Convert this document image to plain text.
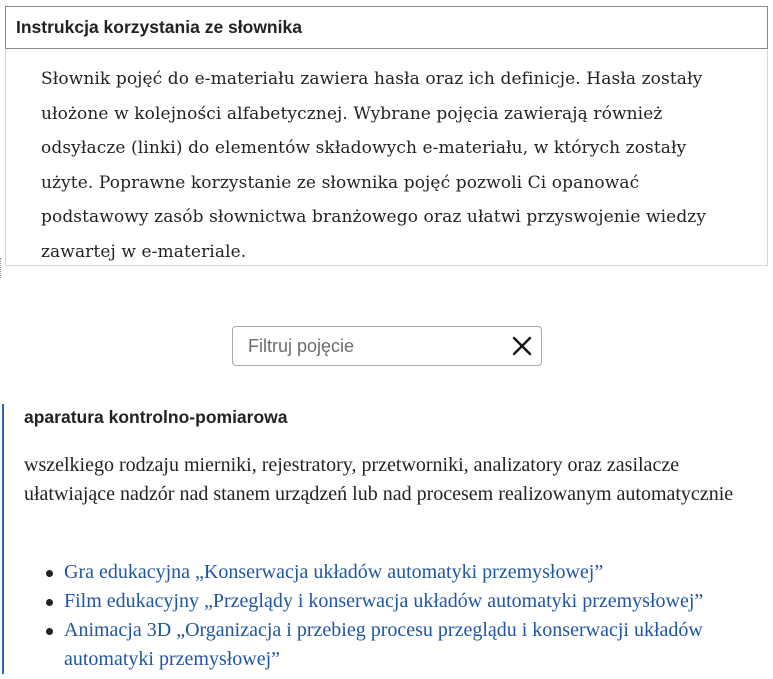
Instrukcja korzystania ze słownika
Słownik pojęć do e-materiału zawiera hasła oraz ich definicje. Hasła zostały ułożone w kolejności alfabetycznej. Wybrane pojęcia zawierają również odsyłacze (linki) do elementów składowych e-materiału, w których zostały użyte. Poprawne korzystanie ze słownika pojęć pozwoli Ci opanować podstawowy zasób słownictwa branżowego oraz ułatwi przyswojenie wiedzy zawartej w e-materiale.
Filtruj pojęcie
aparatura kontrolno-pomiarowa
wszelkiego rodzaju mierniki, rejestratory, przetworniki, analizatory oraz zasilacze ułatwiające nadzór nad stanem urządzeń lub nad procesem realizowanym automatycznie
Gra edukacyjna „Konserwacja układów automatyki przemysłowej”
Film edukacyjny „Przeglądy i konserwacja układów automatyki przemysłowej”
Animacja 3D „Organizacja i przebieg procesu przeglądu i konserwacji układów automatyki przemysłowej”
